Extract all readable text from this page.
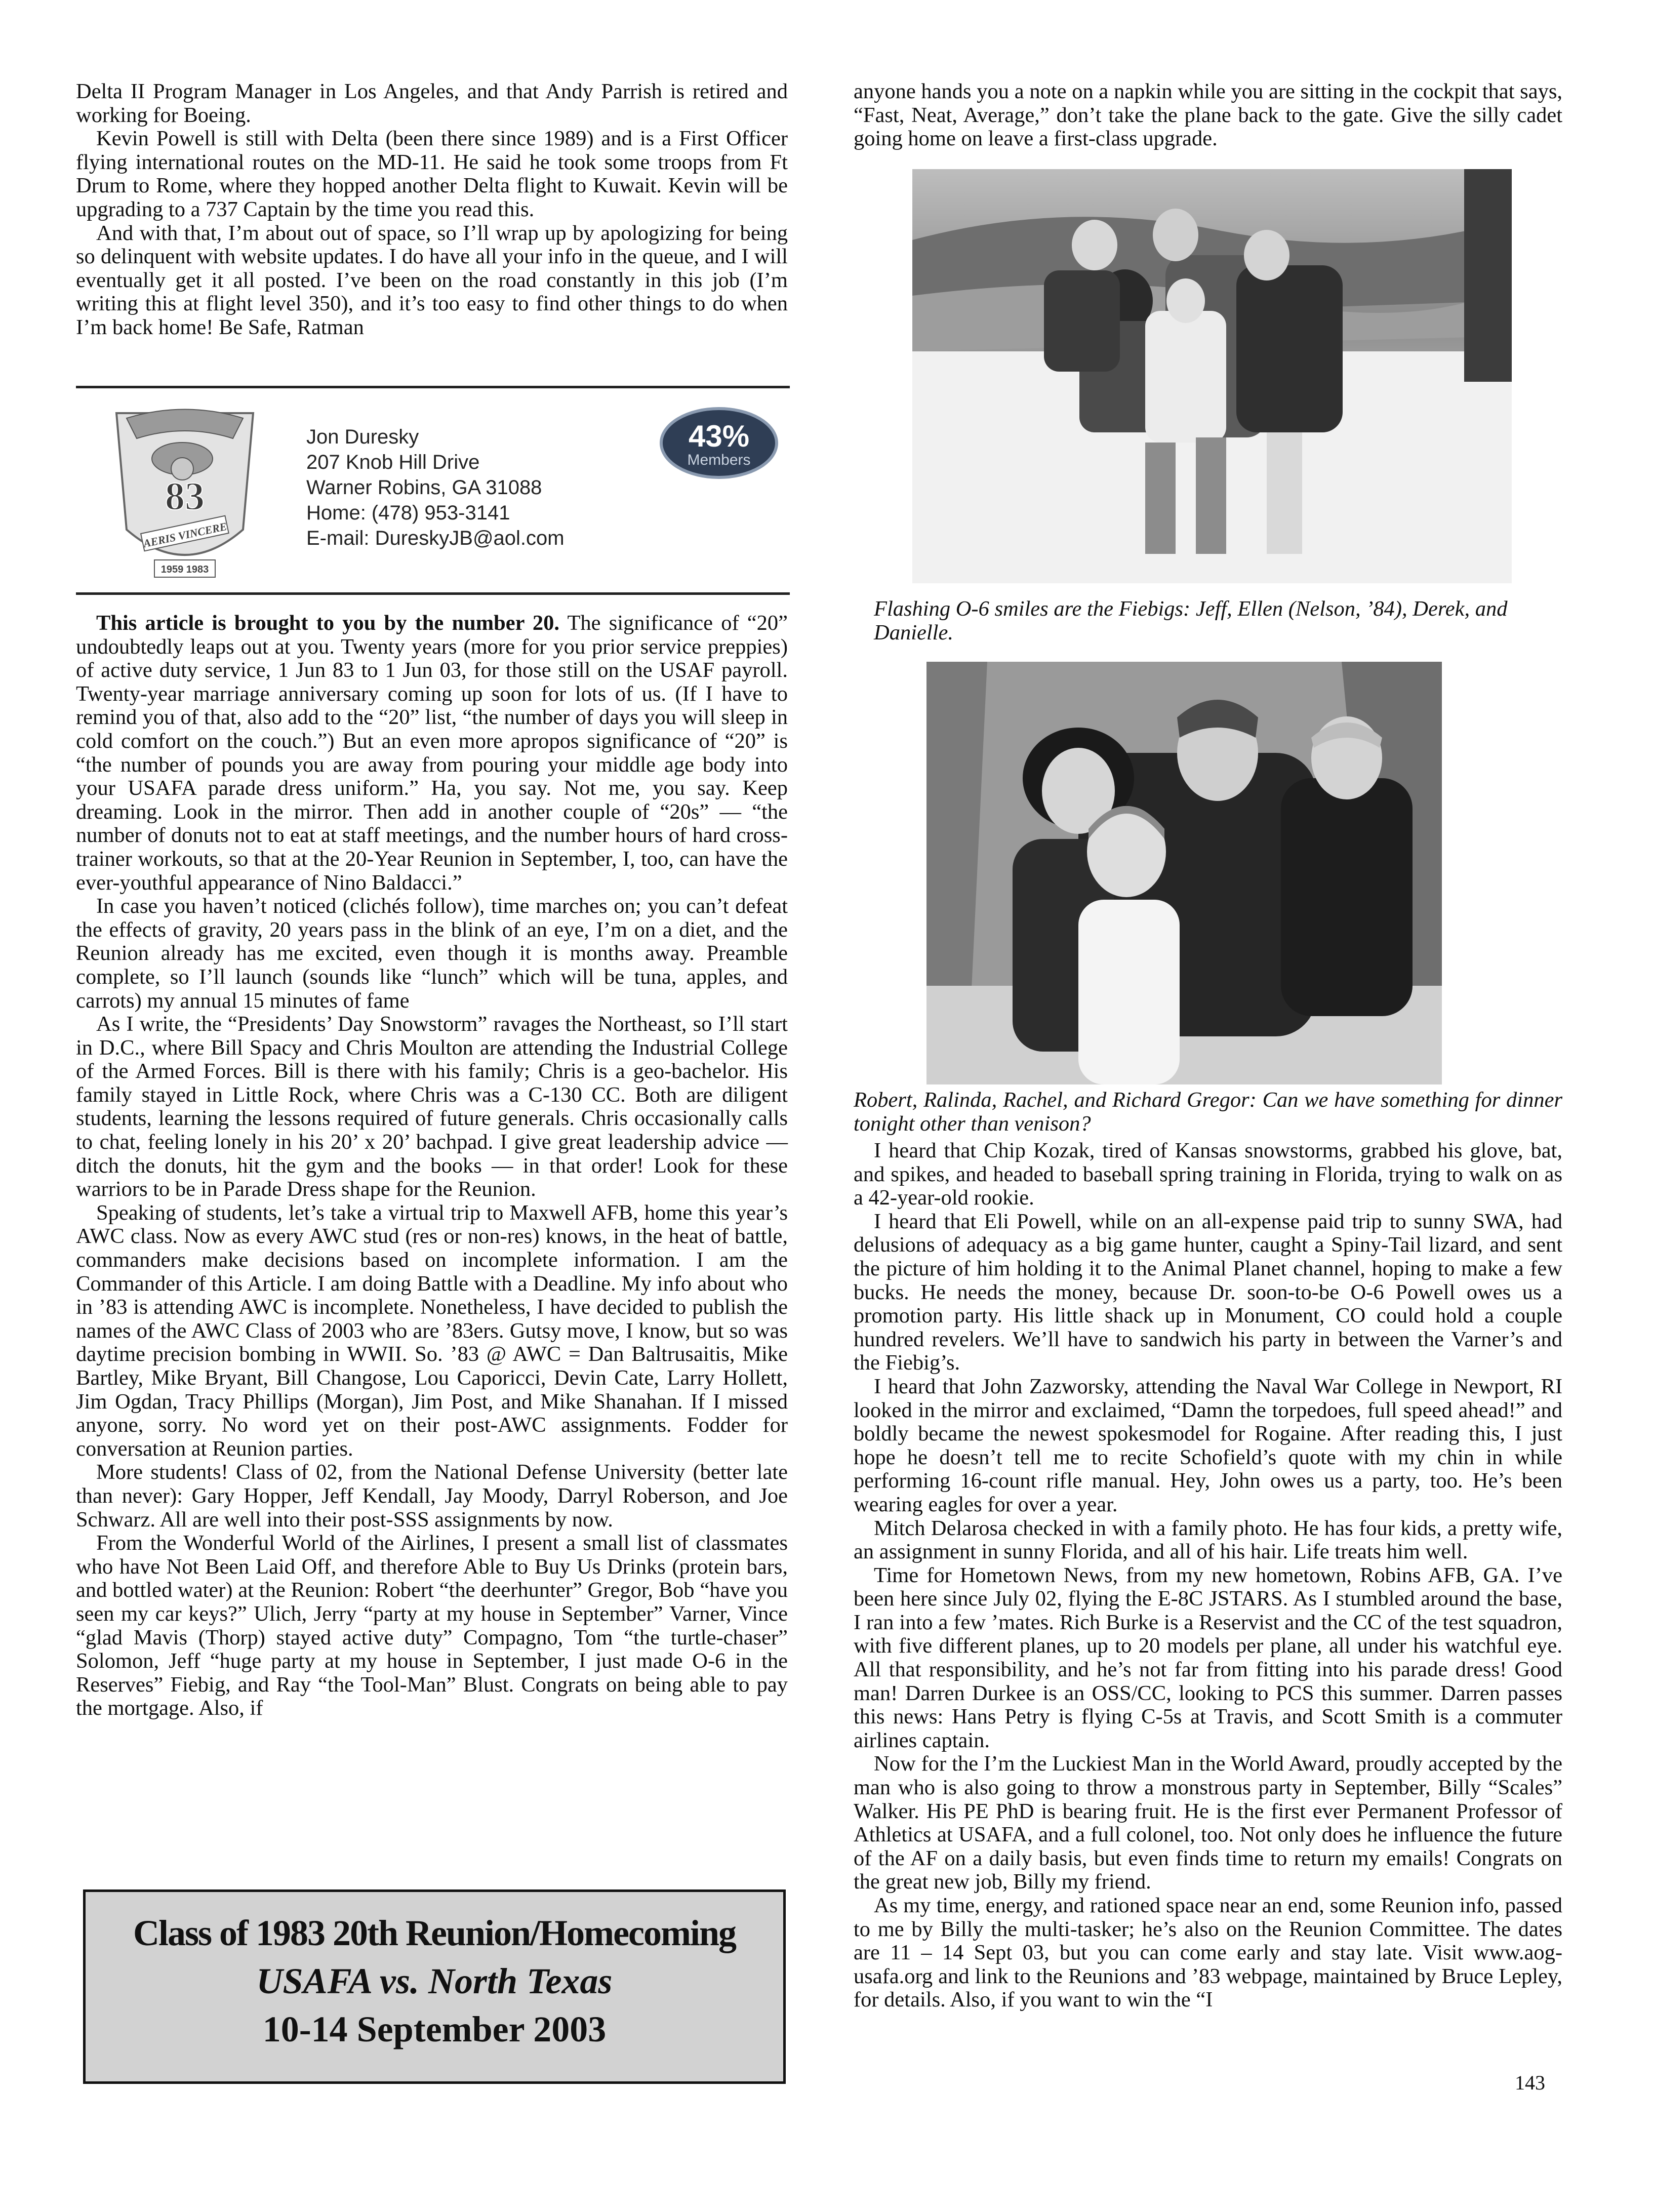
Delta II Program Manager in Los Angeles, and that Andy Parrish is retired and working for Boeing.

Kevin Powell is still with Delta (been there since 1989) and is a First Officer flying international routes on the MD-11. He said he took some troops from Ft Drum to Rome, where they hopped another Delta flight to Kuwait. Kevin will be upgrading to a 737 Captain by the time you read this.

And with that, I’m about out of space, so I’ll wrap up by apologizing for being so delinquent with website updates. I do have all your info in the queue, and I will eventually get it all posted. I’ve been on the road constantly in this job (I’m writing this at flight level 350), and it’s too easy to find other things to do when I’m back home! Be Safe, Ratman

83
AERIS VINCERE
1959 1983
Jon Duresky
207 Knob Hill Drive
Warner Robins, GA 31088
Home: (478) 953-3141
E-mail: DureskyJB@aol.com
43%
Members

This article is brought to you by the number 20. The significance of “20” undoubtedly leaps out at you. Twenty years (more for you prior service preppies) of active duty service, 1 Jun 83 to 1 Jun 03, for those still on the USAF payroll. Twenty-year marriage anniversary coming up soon for lots of us. (If I have to remind you of that, also add to the “20” list, “the number of days you will sleep in cold comfort on the couch.”) But an even more apropos significance of “20” is “the number of pounds you are away from pouring your middle age body into your USAFA parade dress uniform.” Ha, you say. Not me, you say. Keep dreaming. Look in the mirror. Then add in another couple of “20s” — “the number of donuts not to eat at staff meetings, and the number hours of hard cross-trainer workouts, so that at the 20-Year Reunion in September, I, too, can have the ever-youthful appearance of Nino Baldacci.”

In case you haven’t noticed (clichés follow), time marches on; you can’t defeat the effects of gravity, 20 years pass in the blink of an eye, I’m on a diet, and the Reunion already has me excited, even though it is months away. Preamble complete, so I’ll launch (sounds like “lunch” which will be tuna, apples, and carrots) my annual 15 minutes of fame

As I write, the “Presidents’ Day Snowstorm” ravages the Northeast, so I’ll start in D.C., where Bill Spacy and Chris Moulton are attending the Industrial College of the Armed Forces. Bill is there with his family; Chris is a geo-bachelor. His family stayed in Little Rock, where Chris was a C-130 CC. Both are diligent students, learning the lessons required of future generals. Chris occasionally calls to chat, feeling lonely in his 20’ x 20’ bachpad. I give great leadership advice — ditch the donuts, hit the gym and the books — in that order! Look for these warriors to be in Parade Dress shape for the Reunion.

Speaking of students, let’s take a virtual trip to Maxwell AFB, home this year’s AWC class. Now as every AWC stud (res or non-res) knows, in the heat of battle, commanders make decisions based on incomplete information. I am the Commander of this Article. I am doing Battle with a Deadline. My info about who in ’83 is attending AWC is incomplete. Nonetheless, I have decided to publish the names of the AWC Class of 2003 who are ’83ers. Gutsy move, I know, but so was daytime precision bombing in WWII. So. ’83 @ AWC = Dan Baltrusaitis, Mike Bartley, Mike Bryant, Bill Changose, Lou Caporicci, Devin Cate, Larry Hollett, Jim Ogdan, Tracy Phillips (Morgan), Jim Post, and Mike Shanahan. If I missed anyone, sorry. No word yet on their post-AWC assignments. Fodder for conversation at Reunion parties.

More students! Class of 02, from the National Defense University (better late than never): Gary Hopper, Jeff Kendall, Jay Moody, Darryl Roberson, and Joe Schwarz. All are well into their post-SSS assignments by now.

From the Wonderful World of the Airlines, I present a small list of classmates who have Not Been Laid Off, and therefore Able to Buy Us Drinks (protein bars, and bottled water) at the Reunion: Robert “the deerhunter” Gregor, Bob “have you seen my car keys?” Ulich, Jerry “party at my house in September” Varner, Vince “glad Mavis (Thorp) stayed active duty” Compagno, Tom “the turtle-chaser” Solomon, Jeff “huge party at my house in September, I just made O-6 in the Reserves” Fiebig, and Ray “the Tool-Man” Blust. Congrats on being able to pay the mortgage. Also, if

Class of 1983 20th Reunion/Homecoming
USAFA vs. North Texas
10-14 September 2003

anyone hands you a note on a napkin while you are sitting in the cockpit that says, “Fast, Neat, Average,” don’t take the plane back to the gate. Give the silly cadet going home on leave a first-class upgrade.

Flashing O-6 smiles are the Fiebigs: Jeff, Ellen (Nelson, ’84), Derek, and Danielle.
Robert, Ralinda, Rachel, and Richard Gregor: Can we have something for dinner tonight other than venison?

I heard that Chip Kozak, tired of Kansas snowstorms, grabbed his glove, bat, and spikes, and headed to baseball spring training in Florida, trying to walk on as a 42-year-old rookie.

I heard that Eli Powell, while on an all-expense paid trip to sunny SWA, had delusions of adequacy as a big game hunter, caught a Spiny-Tail lizard, and sent the picture of him holding it to the Animal Planet channel, hoping to make a few bucks. He needs the money, because Dr. soon-to-be O-6 Powell owes us a promotion party. His little shack up in Monument, CO could hold a couple hundred revelers. We’ll have to sandwich his party in between the Varner’s and the Fiebig’s.

I heard that John Zazworsky, attending the Naval War College in Newport, RI looked in the mirror and exclaimed, “Damn the torpedoes, full speed ahead!” and boldly became the newest spokesmodel for Rogaine. After reading this, I just hope he doesn’t tell me to recite Schofield’s quote with my chin in while performing 16-count rifle manual. Hey, John owes us a party, too. He’s been wearing eagles for over a year.

Mitch Delarosa checked in with a family photo. He has four kids, a pretty wife, an assignment in sunny Florida, and all of his hair. Life treats him well.

Time for Hometown News, from my new hometown, Robins AFB, GA. I’ve been here since July 02, flying the E-8C JSTARS. As I stumbled around the base, I ran into a few ’mates. Rich Burke is a Reservist and the CC of the test squadron, with five different planes, up to 20 models per plane, all under his watchful eye. All that responsibility, and he’s not far from fitting into his parade dress! Good man! Darren Durkee is an OSS/CC, looking to PCS this summer. Darren passes this news: Hans Petry is flying C-5s at Travis, and Scott Smith is a commuter airlines captain.

Now for the I’m the Luckiest Man in the World Award, proudly accepted by the man who is also going to throw a monstrous party in September, Billy “Scales” Walker. His PE PhD is bearing fruit. He is the first ever Permanent Professor of Athletics at USAFA, and a full colonel, too. Not only does he influence the future of the AF on a daily basis, but even finds time to return my emails! Congrats on the great new job, Billy my friend.

As my time, energy, and rationed space near an end, some Reunion info, passed to me by Billy the multi-tasker; he’s also on the Reunion Committee. The dates are 11 – 14 Sept 03, but you can come early and stay late. Visit www.aog-usafa.org and link to the Reunions and ’83 webpage, maintained by Bruce Lepley, for details. Also, if you want to win the “I

143
